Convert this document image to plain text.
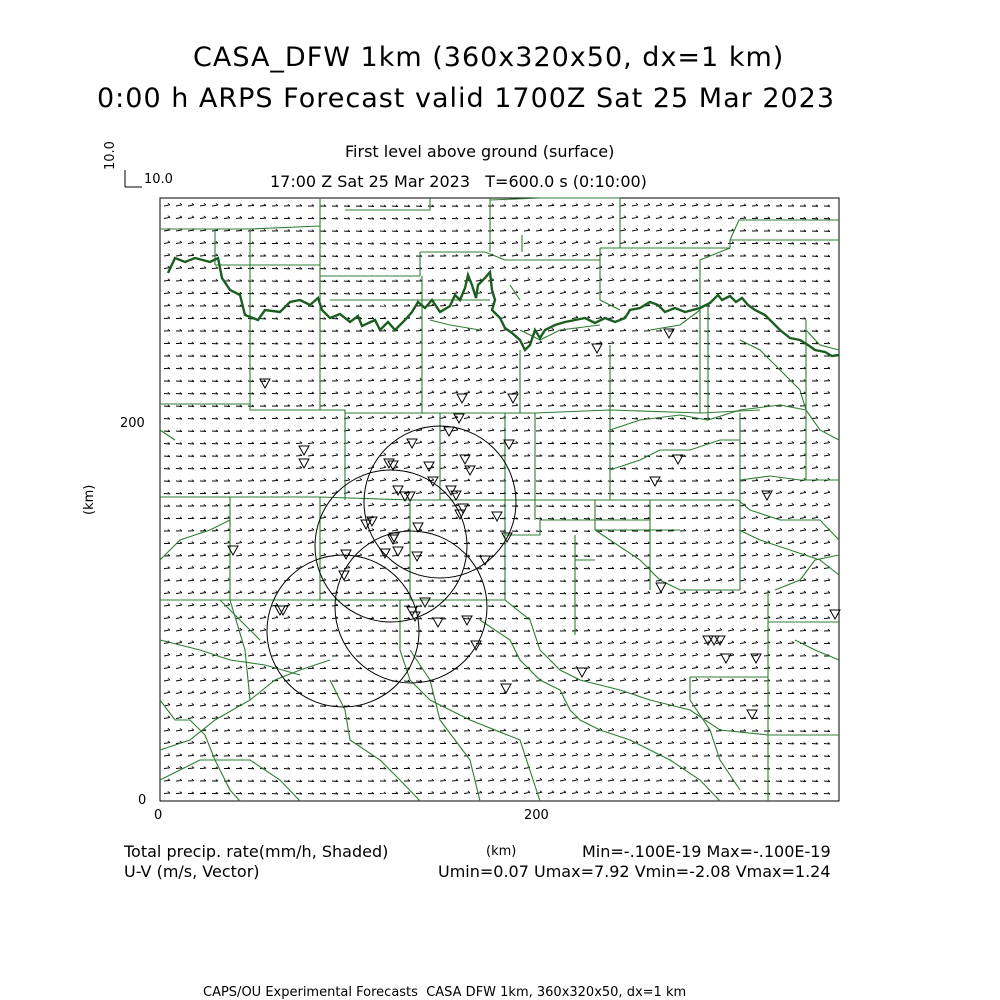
CASA_DFW 1km (360x320x50, dx=1 km)
0:00 h ARPS Forecast valid 1700Z Sat 25 Mar 2023
First level above ground (surface)
17:00 Z Sat 25 Mar 2023   T=600.0 s (0:10:00)
10.0
10.0
(km)
0
200
0	200
(km)
Total precip. rate(mm/h, Shaded)
U-V (m/s, Vector)
Min=-.100E-19 Max=-.100E-19
Umin=0.07 Umax=7.92 Vmin=-2.08 Vmax=1.24
CAPS/OU Experimental Forecasts  CASA DFW 1km, 360x320x50, dx=1 km
